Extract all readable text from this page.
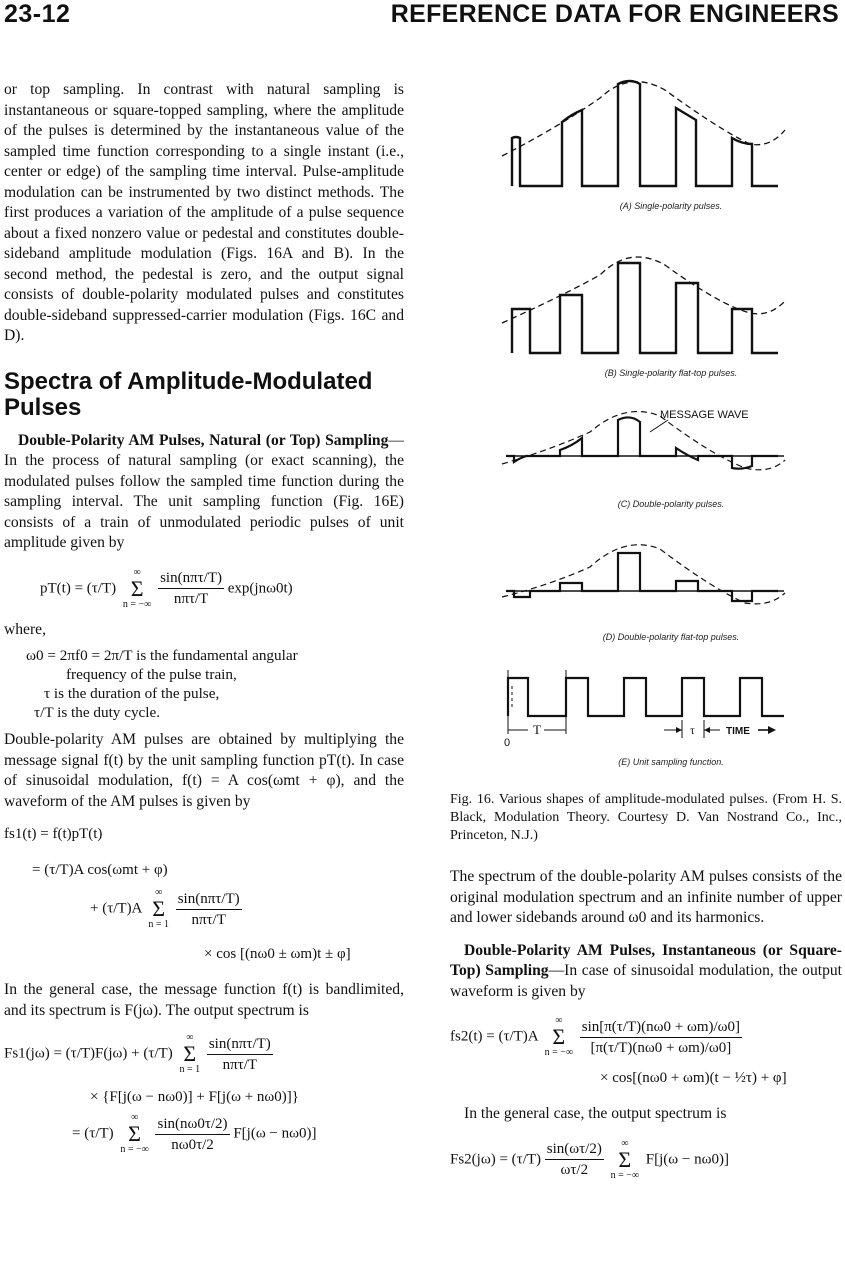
23-12	REFERENCE DATA FOR ENGINEERS

or top sampling. In contrast with natural sampling is instantaneous or square-topped sampling, where the amplitude of the pulses is determined by the instantaneous value of the sampled time function corresponding to a single instant (i.e., center or edge) of the sampling time interval. Pulse-amplitude modulation can be instrumented by two distinct methods. The first produces a variation of the amplitude of a pulse sequence about a fixed nonzero value or pedestal and constitutes double-sideband amplitude modulation (Figs. 16A and B). In the second method, the pedestal is zero, and the output signal consists of double-polarity modulated pulses and constitutes double-sideband suppressed-carrier modulation (Figs. 16C and D).

Spectra of Amplitude-Modulated Pulses

Double-Polarity AM Pulses, Natural (or Top) Sampling—In the process of natural sampling (or exact scanning), the modulated pulses follow the sampled time function during the sampling interval. The unit sampling function (Fig. 16E) consists of a train of unmodulated periodic pulses of unit amplitude given by

pT(t) = (τ/T) ∞
Σ
n = −∞ $\frac{\text{sin(nπτ/T)}}{\text{nπτ/T}} \exp(jn\omega 0t)$

where,

ω0 = 2πf0 = 2π/T is the fundamental angular
frequency of the pulse train,
τ is the duration of the pulse,
τ/T is the duty cycle.

Double-polarity AM pulses are obtained by multiplying the message signal f(t) by the unit sampling function pT(t). In case of sinusoidal modulation, f(t) = A cos(ωmt + φ), and the waveform of the AM pulses is given by

fs1(t) = f(t)pT(t)
= (τ/T)A cos(ωmt + φ)
+ (τ/T)A ∞
Σ
$n = 1 \frac{\text{sin(nπτ/T)}}{\text{nπτ/T}}$
× cos [(nω0 ± ωm)t ± φ]

In the general case, the message function f(t) is bandlimited, and its spectrum is F(jω). The output spectrum is

Fs1(jω) = (τ/T)F(jω) + (τ/T) ∞
Σ
$n = 1 \frac{\text{sin(nπτ/T)}}{\text{nπτ/T}}$
× {F[j(ω − nω0)] + F[j(ω + nω0)]}
= (τ/T) ∞
Σ
n = −∞ $\frac{\sin(n\omega 0\tau/2)}{n\omega 0\tau/2} F[j(\omega - n\omega 0)]$
(A) Single-polarity pulses.
(B) Single-polarity flat-top pulses.
MESSAGE WAVE
(C) Double-polarity pulses.
(D) Double-polarity flat-top pulses.
T
0
τ	TIME
(E) Unit sampling function.
Fig. 16. Various shapes of amplitude-modulated pulses. (From H. S. Black, Modulation Theory. Courtesy D. Van Nostrand Co., Inc., Princeton, N.J.)

The spectrum of the double-polarity AM pulses consists of the original modulation spectrum and an infinite number of upper and lower sidebands around ω0 and its harmonics.

Double-Polarity AM Pulses, Instantaneous (or Square-Top) Sampling—In case of sinusoidal modulation, the output waveform is given by

fs2(t) = (τ/T)A ∞
Σ
n = −∞ $\frac{\sin[\pi(\tau/T)(n\omega 0 + \omega m)/\omega 0]}{[\pi(\tau/T)(n\omega 0 + \omega m)/\omega 0]}$
× cos[(nω0 + ωm)(t − ½τ) + φ]

In the general case, the output spectrum is

$Fs2(j\omega) = (\tau/T) \frac{\sin(\omega\tau/2)}{\omega\tau/2}$ ∞
Σ
n = −∞ F[j(ω − nω0)]
